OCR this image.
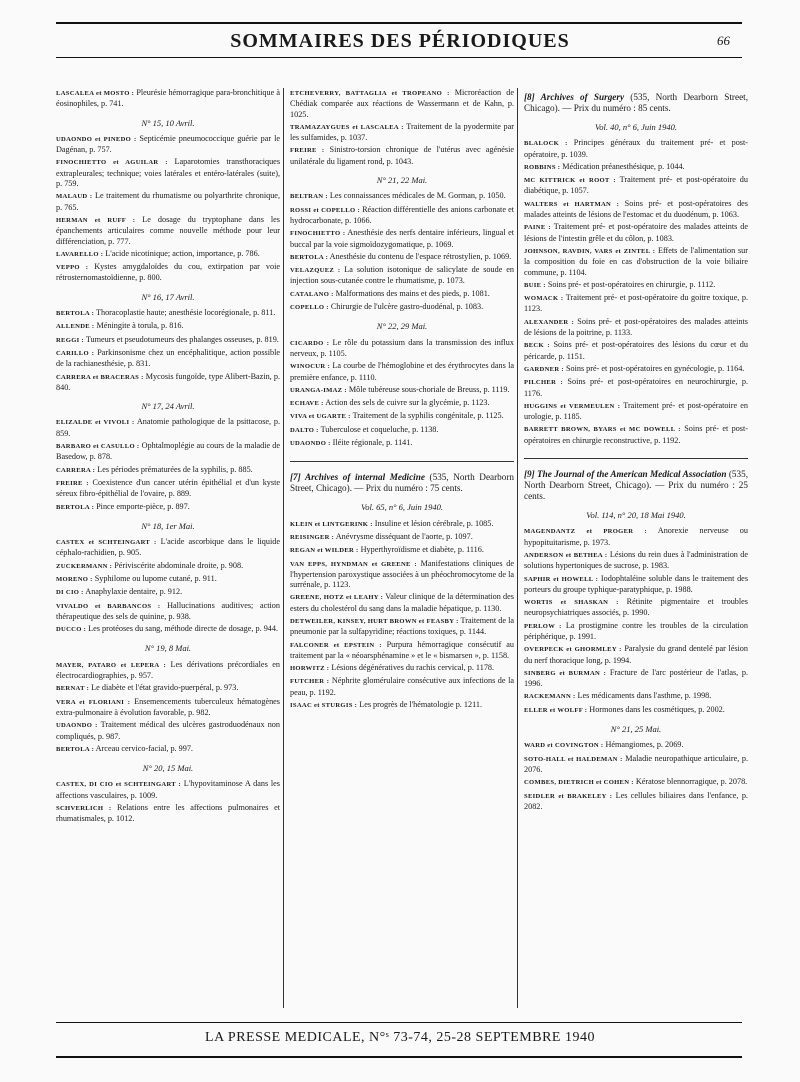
SOMMAIRES DES PÉRIODIQUES	66
LASCALEA et MOSTO : Pleurésie hémorragique para-bronchitique à éosinophiles, p. 741.
N° 15, 10 Avril.
UDAONDO et PINEDO : Septicémie pneumococcique guérie par le Dagénan, p. 757.
FINOCHIETTO et AGUILAR : Laparotomies transthoraciques extrapleurales; technique; voies latérales et entéro-latérales (suite), p. 759.
MALAUD : Le traitement du rhumatisme ou polyarthrite chronique, p. 765.
HERMAN et RUFF : Le dosage du tryptophane dans les épanchements articulaires comme nouvelle méthode pour leur différenciation, p. 777.
LAVARELLO : L'acide nicotinique; action, importance, p. 786.
VEPPO : Kystes amygdaloïdes du cou, extirpation par voie rétrosternomastoïdienne, p. 800.
N° 16, 17 Avril.
BERTOLA : Thoracoplastie haute; anesthésie locorégionale, p. 811.
ALLENDE : Méningite à torula, p. 816.
REGGI : Tumeurs et pseudotumeurs des phalanges osseuses, p. 819.
CARILLO : Parkinsonisme chez un encéphalitique, action possible de la rachianesthésie, p. 831.
CARRERA et BRACERAS : Mycosis fungoïde, type Alibert-Bazin, p. 840.
N° 17, 24 Avril.
ELIZALDE et VIVOLI : Anatomie pathologique de la psittacose, p. 859.
BARBARO et CASULLO : Ophtalmoplégie au cours de la maladie de Basedow, p. 878.
CARRERA : Les périodes prématurées de la syphilis, p. 885.
FREIRE : Coexistence d'un cancer utérin épithélial et d'un kyste séreux fibro-épithélial de l'ovaire, p. 889.
BERTOLA : Pince emporte-pièce, p. 897.
N° 18, 1er Mai.
CASTEX et SCHTEINGART : L'acide ascorbique dans le liquide céphalo-rachidien, p. 905.
ZUCKERMANN : Périviscérite abdominale droite, p. 908.
MORENO : Syphilome ou lupome cutané, p. 911.
DI CIO : Anaphylaxie dentaire, p. 912.
VIVALDO et BARBANCOS : Hallucinations auditives; action thérapeutique des sels de quinine, p. 938.
DUCCO : Les protéoses du sang, méthode directe de dosage, p. 944.
N° 19, 8 Mai.
MAYER, PATARO et LEPERA : Les dérivations précordiales en électrocardiographies, p. 957.
BERNAT : Le diabète et l'état gravido-puerpéral, p. 973.
VERA et FLORIANI : Ensemencements tuberculeux hématogènes extra-pulmonaire à évolution favorable, p. 982.
UDAONDO : Traitement médical des ulcères gastroduodénaux non compliqués, p. 987.
BERTOLA : Arceau cervico-facial, p. 997.
N° 20, 15 Mai.
CASTEX, DI CIO et SCHTEINGART : L'hypovitaminose A dans les affections vasculaires, p. 1009.
SCHVERLICH : Relations entre les affections pulmonaires et rhumatismales, p. 1012.
ETCHEVERRY, BATTAGLIA et TROPEANO : Microréaction de Chédiak comparée aux réactions de Wassermann et de Kahn, p. 1025.
TRAMAZAYGUES et LASCALEA : Traitement de la pyodermite par les sulfamides, p. 1037.
FREIRE : Sinistro-torsion chronique de l'utérus avec agénésie unilatérale du ligament rond, p. 1043.
N° 21, 22 Mai.
BELTRAN : Les connaissances médicales de M. Gorman, p. 1050.
ROSSI et COPELLO : Réaction différentielle des anions carbonate et hydrocarbonate, p. 1066.
FINOCHIETTO : Anesthésie des nerfs dentaire inférieurs, lingual et buccal par la voie sigmoïdozygomatique, p. 1069.
BERTOLA : Anesthésie du contenu de l'espace rétrostylien, p. 1069.
VELAZQUEZ : La solution isotonique de salicylate de soude en injection sous-cutanée contre le rhumatisme, p. 1073.
CATALANO : Malformations des mains et des pieds, p. 1081.
COPELLO : Chirurgie de l'ulcère gastro-duodénal, p. 1083.
N° 22, 29 Mai.
CICARDO : Le rôle du potassium dans la transmission des influx nerveux, p. 1105.
WINOCUR : La courbe de l'hémoglobine et des érythrocytes dans la première enfance, p. 1110.
URANGA-IMAZ : Môle tubéreuse sous-choriale de Breuss, p. 1119.
ECHAVE : Action des sels de cuivre sur la glycémie, p. 1123.
VIVA et UGARTE : Traitement de la syphilis congénitale, p. 1125.
DALTO : Tuberculose et coqueluche, p. 1138.
UDAONDO : Iléite régionale, p. 1141.
[7] Archives of internal Medicine (535, North Dearborn Street, Chicago). — Prix du numéro : 75 cents.
Vol. 65, n° 6, Juin 1940.
KLEIN et LINTGERINK : Insuline et lésion cérébrale, p. 1085.
REISINGER : Anévrysme disséquant de l'aorte, p. 1097.
REGAN et WILDER : Hyperthyroïdisme et diabète, p. 1116.
VAN EPPS, HYNDMAN et GREENE : Manifestations cliniques de l'hypertension paroxystique associées à un phéochromocytome de la surrénale, p. 1123.
GREENE, HOTZ et LEAHY : Valeur clinique de la détermination des esters du cholestérol du sang dans la maladie hépatique, p. 1130.
DETWEILER, KINSEY, HURT BROWN et FEASBY : Traitement de la pneumonie par la sulfapyridine; réactions toxiques, p. 1144.
FALCONER et EPSTEIN : Purpura hémorragique consécutif au traitement par la « néoarsphénamine » et le « bismarsen », p. 1158.
HORWITZ : Lésions dégénératives du rachis cervical, p. 1178.
FUTCHER : Néphrite glomérulaire consécutive aux infections de la peau, p. 1192.
ISAAC et STURGIS : Les progrès de l'hématologie p. 1211.
[8] Archives of Surgery (535, North Dearborn Street, Chicago). — Prix du numéro : 85 cents.
Vol. 40, n° 6, Juin 1940.
BLALOCK : Principes généraux du traitement pré- et post-opératoire, p. 1039.
ROBBINS : Médication préanesthésique, p. 1044.
MC KITTRICK et ROOT : Traitement pré- et post-opératoire du diabétique, p. 1057.
WALTERS et HARTMAN : Soins pré- et post-opératoires des malades atteints de lésions de l'estomac et du duodénum, p. 1063.
PAINE : Traitement pré- et post-opératoire des malades atteints de lésions de l'intestin grêle et du côlon, p. 1083.
JOHNSON, RAVDIN, VARS et ZINTEL : Effets de l'alimentation sur la composition du foie en cas d'obstruction de la voie biliaire commune, p. 1104.
BUIE : Soins pré- et post-opératoires en chirurgie, p. 1112.
WOMACK : Traitement pré- et post-opératoire du goitre toxique, p. 1123.
ALEXANDER : Soins pré- et post-opératoires des malades atteints de lésions de la poitrine, p. 1133.
BECK : Soins pré- et post-opératoires des lésions du cœur et du péricarde, p. 1151.
GARDNER : Soins pré- et post-opératoires en gynécologie, p. 1164.
PILCHER : Soins pré- et post-opératoires en neurochirurgie, p. 1176.
HUGGINS et VERMEULEN : Traitement pré- et post-opératoire en urologie, p. 1185.
BARRETT BROWN, BYARS et MC DOWELL : Soins pré- et post-opératoires en chirurgie reconstructive, p. 1192.
[9] The Journal of the American Medical Association (535, North Dearborn Street, Chicago). — Prix du numéro : 25 cents.
Vol. 114, n° 20, 18 Mai 1940.
MAGENDANTZ et PROGER : Anorexie nerveuse ou hypopituitarisme, p. 1973.
ANDERSON et BETHEA : Lésions du rein dues à l'administration de solutions hypertoniques de sucrose, p. 1983.
SAPHIR et HOWELL : Iodophtaléine soluble dans le traitement des porteurs du groupe typhique-paratyphique, p. 1988.
WORTIS et SHASKAN : Rétinite pigmentaire et troubles neuropsychiatriques associés, p. 1990.
PERLOW : La prostigmine contre les troubles de la circulation périphérique, p. 1991.
OVERPECK et GHORMLEY : Paralysie du grand dentelé par lésion du nerf thoracique long, p. 1994.
SINBERG et BURMAN : Fracture de l'arc postérieur de l'atlas, p. 1996.
RACKEMANN : Les médicaments dans l'asthme, p. 1998.
ELLER et WOLFF : Hormones dans les cosmétiques, p. 2002.
N° 21, 25 Mai.
WARD et COVINGTON : Hémangiomes, p. 2069.
SOTO-HALL et HALDEMAN : Maladie neuropathique articulaire, p. 2076.
COMBES, DIETRICH et COHEN : Kératose blennorragique, p. 2078.
SEIDLER et BRAKELEY : Les cellules biliaires dans l'enfance, p. 2082.
LA PRESSE MEDICALE, N°ˢ 73-74, 25-28 SEPTEMBRE 1940
